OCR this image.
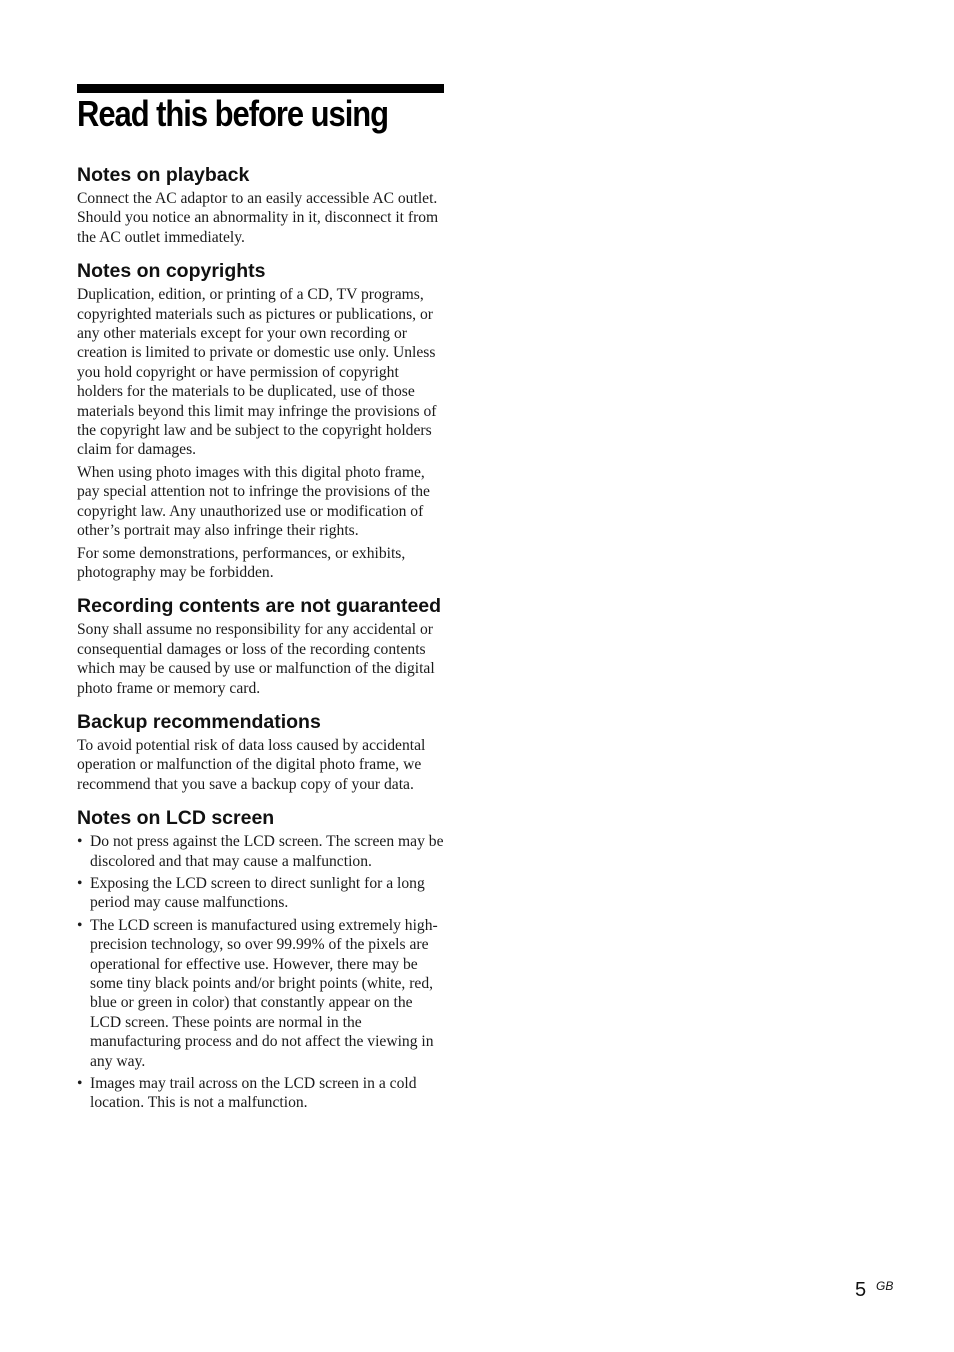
Read this before using
Notes on playback

Connect the AC adaptor to an easily accessible AC outlet. Should you notice an abnormality in it, disconnect it from the AC outlet immediately.

Notes on copyrights

Duplication, edition, or printing of a CD, TV programs, copyrighted materials such as pictures or publications, or any other materials except for your own recording or creation is limited to private or domestic use only. Unless you hold copyright or have permission of copyright holders for the materials to be duplicated, use of those materials beyond this limit may infringe the provisions of the copyright law and be subject to the copyright holders claim for damages.

When using photo images with this digital photo frame, pay special attention not to infringe the provisions of the copyright law. Any unauthorized use or modification of other’s portrait may also infringe their rights.

For some demonstrations, performances, or exhibits, photography may be forbidden.

Recording contents are not guaranteed

Sony shall assume no responsibility for any accidental or consequential damages or loss of the recording contents which may be caused by use or malfunction of the digital photo frame or memory card.

Backup recommendations

To avoid potential risk of data loss caused by accidental operation or malfunction of the digital photo frame, we recommend that you save a backup copy of your data.

Notes on LCD screen
• Do not press against the LCD screen. The screen may be discolored and that may cause a malfunction.
• Exposing the LCD screen to direct sunlight for a long period may cause malfunctions.
• The LCD screen is manufactured using extremely high-precision technology, so over 99.99% of the pixels are operational for effective use. However, there may be some tiny black points and/or bright points (white, red, blue or green in color) that constantly appear on the LCD screen. These points are normal in the manufacturing process and do not affect the viewing in any way.
• Images may trail across on the LCD screen in a cold location. This is not a malfunction.
5 GB
